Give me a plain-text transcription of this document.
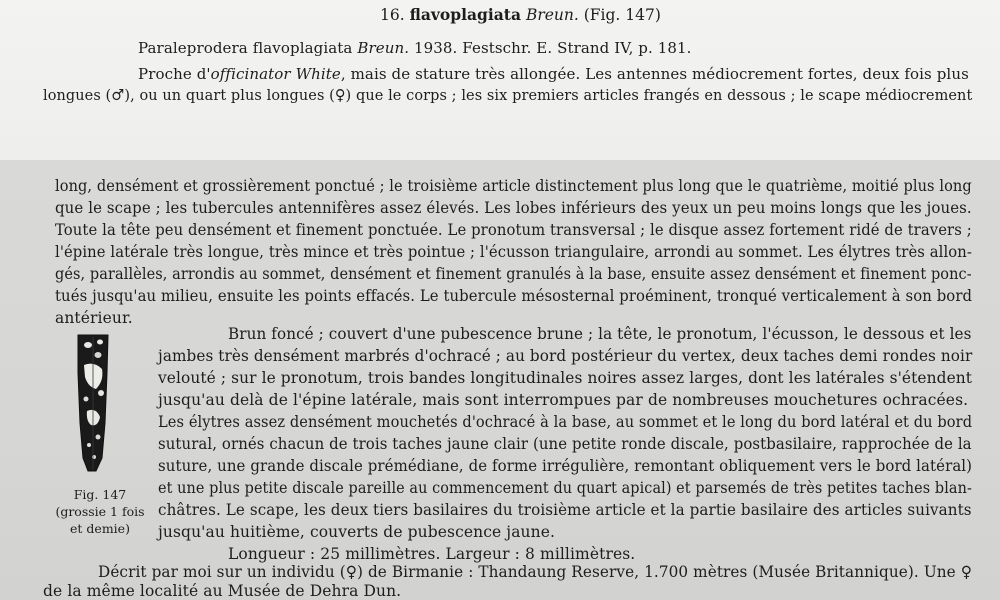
16. flavoplagiata Breun. (Fig. 147)
Paraleprodera flavoplagiata Breun. 1938. Festschr. E. Strand IV, p. 181.
Proche d'officinator White, mais de stature très allongée. Les antennes médiocrement fortes, deux fois plus
longues (♂), ou un quart plus longues (♀) que le corps ; les six premiers articles frangés en dessous ; le scape médiocrement
long, densément et grossièrement ponctué ; le troisième article distinctement plus long que le quatrième, moitié plus long
que le scape ; les tubercules antennifères assez élevés. Les lobes inférieurs des yeux un peu moins longs que les joues.
Toute la tête peu densément et finement ponctuée. Le pronotum transversal ; le disque assez fortement ridé de travers ;
l'épine latérale très longue, très mince et très pointue ; l'écusson triangulaire, arrondi au sommet. Les élytres très allon-
gés, parallèles, arrondis au sommet, densément et finement granulés à la base, ensuite assez densément et finement ponc-
tués jusqu'au milieu, ensuite les points effacés. Le tubercule mésosternal proéminent, tronqué verticalement à son bord
antérieur.
Fig. 147
(grossie 1 fois
et demie)
Brun foncé ; couvert d'une pubescence brune ; la tête, le pronotum, l'écusson, le dessous et les
jambes très densément marbrés d'ochracé ; au bord postérieur du vertex, deux taches demi rondes noir
velouté ; sur le pronotum, trois bandes longitudinales noires assez larges, dont les latérales s'étendent
jusqu'au delà de l'épine latérale, mais sont interrompues par de nombreuses mouchetures ochracées.
Les élytres assez densément mouchetés d'ochracé à la base, au sommet et le long du bord latéral et du bord
sutural, ornés chacun de trois taches jaune clair (une petite ronde discale, postbasilaire, rapprochée de la
suture, une grande discale prémédiane, de forme irrégulière, remontant obliquement vers le bord latéral)
et une plus petite discale pareille au commencement du quart apical) et parsemés de très petites taches blan-
châtres. Le scape, les deux tiers basilaires du troisième article et la partie basilaire des articles suivants
jusqu'au huitième, couverts de pubescence jaune.
Longueur : 25 millimètres. Largeur : 8 millimètres.
Décrit par moi sur un individu (♀) de Birmanie : Thandaung Reserve, 1.700 mètres (Musée Britannique). Une ♀
de la même localité au Musée de Dehra Dun.
